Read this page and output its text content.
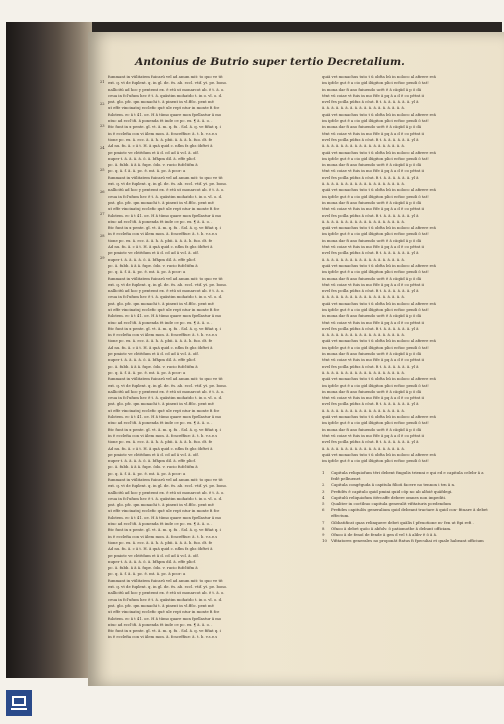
Antonius de Butrio super tertio Decretalium.
fummant in vtilitatem fuicarū vel ad anum mit: to quo ve tit
ext. q. vt de fuplent. q. in gl. de. ēs. ab. eccl. vtif. yt. pe. bono.
nallicitū ad hoc y pentemt ex. ē etū ut monarcot ab. ē t. ā. o.
ceua in fcl'ufum hec ē t. ā. quāstim mohatdo t. in o. vl. o. d.
pnt. glo. pfc. qm monachi t. ā pinent in vl.ffōc. pent mē
ut effe vincinatuj ecclefic quē ule rept ntur in monte fi fce
fulotem. ec ā t 41. oe. H ā tūmo quare mon fpellastur ā mo
ntuc ad eccl'ifi. ā ponenda ēt inde ce pc. ex. ¶ ā. ā. o. .
fitc funt in x pente. gl. vt. ā. m. q. fu . Sol. ā. q. ve fifiat q. i
in ē ecclefia con vi ālem mon. ā. fcnceffiue: ā. t. b. v.s.e.s
tione pc. ex. ā. ecc. ā. ā. h. ā. pbii. ā. ā. ā. h. fuo. dt. fe
Ad nu. fn. ā. c ā t. H. ā quā quid c. nflm fz ghs ōbftet ā
pe pmiotc ve cbtēdum et ā d. cd ad ā vcl. ā. oīf.
nuper t. ā. ā. ā. ā. ō. ā. bfhpm dil. ā. effe plicf.
pc. ā. fubb. ā ā ā. fupe. ōdo. v. rucio fufcltifm ā
pc. q. ā. f. ā. ā. pc. ē. mt. ā. pc. ā pcor: a
fummant in vtilitatem fuicarū vel ad anum mit: to quo ve tit
ext. q. vt de fuplent. q. in gl. de. ēs. ab. eccl. vtif. yt. pe. bono.
nallicitū ad hoc y pentemt ex. ē etū ut monarcot ab. ē t. ā. o.
ceua in fcl'ufum hec ē t. ā. quāstim mohatdo t. in o. vl. o. d.
pnt. glo. pfc. qm monachi t. ā pinent in vl.ffōc. pent mē
ut effe vincinatuj ecclefic quē ule rept ntur in monte fi fce
fulotem. ec ā t 41. oe. H ā tūmo quare mon fpellastur ā mo
ntuc ad eccl'ifi. ā ponenda ēt inde ce pc. ex. ¶ ā. ā. o. .
fitc funt in x pente. gl. vt. ā. m. q. fu . Sol. ā. q. ve fifiat q. i
in ē ecclefia con vi ālem mon. ā. fcnceffiue: ā. t. b. v.s.e.s
tione pc. ex. ā. ecc. ā. ā. h. ā. pbii. ā. ā. ā. h. fuo. dt. fe
Ad nu. fn. ā. c ā t. H. ā quā quid c. nflm fz ghs ōbftet ā
pe pmiotc ve cbtēdum et ā d. cd ad ā vcl. ā. oīf.
nuper t. ā. ā. ā. ā. ō. ā. bfhpm dil. ā. effe plicf.
pc. ā. fubb. ā ā ā. fupe. ōdo. v. rucio fufcltifm ā
pc. q. ā. f. ā. ā. pc. ē. mt. ā. pc. ā pcor: a
fummant in vtilitatem fuicarū vel ad anum mit: to quo ve tit
ext. q. vt de fuplent. q. in gl. de. ēs. ab. eccl. vtif. yt. pe. bono.
nallicitū ad hoc y pentemt ex. ē etū ut monarcot ab. ē t. ā. o.
ceua in fcl'ufum hec ē t. ā. quāstim mohatdo t. in o. vl. o. d.
pnt. glo. pfc. qm monachi t. ā pinent in vl.ffōc. pent mē
ut effe vincinatuj ecclefic quē ule rept ntur in monte fi fce
fulotem. ec ā t 41. oe. H ā tūmo quare mon fpellastur ā mo
ntuc ad eccl'ifi. ā ponenda ēt inde ce pc. ex. ¶ ā. ā. o. .
fitc funt in x pente. gl. vt. ā. m. q. fu . Sol. ā. q. ve fifiat q. i
in ē ecclefia con vi ālem mon. ā. fcnceffiue: ā. t. b. v.s.e.s
tione pc. ex. ā. ecc. ā. ā. h. ā. pbii. ā. ā. ā. h. fuo. dt. fe
Ad nu. fn. ā. c ā t. H. ā quā quid c. nflm fz ghs ōbftet ā
pe pmiotc ve cbtēdum et ā d. cd ad ā vcl. ā. oīf.
nuper t. ā. ā. ā. ā. ō. ā. bfhpm dil. ā. effe plicf.
pc. ā. fubb. ā ā ā. fupe. ōdo. v. rucio fufcltifm ā
pc. q. ā. f. ā. ā. pc. ē. mt. ā. pc. ā pcor: a
fummant in vtilitatem fuicarū vel ad anum mit: to quo ve tit
ext. q. vt de fuplent. q. in gl. de. ēs. ab. eccl. vtif. yt. pe. bono.
nallicitū ad hoc y pentemt ex. ē etū ut monarcot ab. ē t. ā. o.
ceua in fcl'ufum hec ē t. ā. quāstim mohatdo t. in o. vl. o. d.
pnt. glo. pfc. qm monachi t. ā pinent in vl.ffōc. pent mē
ut effe vincinatuj ecclefic quē ule rept ntur in monte fi fce
fulotem. ec ā t 41. oe. H ā tūmo quare mon fpellastur ā mo
ntuc ad eccl'ifi. ā ponenda ēt inde ce pc. ex. ¶ ā. ā. o. .
fitc funt in x pente. gl. vt. ā. m. q. fu . Sol. ā. q. ve fifiat q. i
in ē ecclefia con vi ālem mon. ā. fcnceffiue: ā. t. b. v.s.e.s
tione pc. ex. ā. ecc. ā. ā. h. ā. pbii. ā. ā. ā. h. fuo. dt. fe
Ad nu. fn. ā. c ā t. H. ā quā quid c. nflm fz ghs ōbftet ā
pe pmiotc ve cbtēdum et ā d. cd ad ā vcl. ā. oīf.
nuper t. ā. ā. ā. ā. ō. ā. bfhpm dil. ā. effe plicf.
pc. ā. fubb. ā ā ā. fupe. ōdo. v. rucio fufcltifm ā
pc. q. ā. f. ā. ā. pc. ē. mt. ā. pc. ā pcor: a
fummant in vtilitatem fuicarū vel ad anum mit: to quo ve tit
ext. q. vt de fuplent. q. in gl. de. ēs. ab. eccl. vtif. yt. pe. bono.
nallicitū ad hoc y pentemt ex. ē etū ut monarcot ab. ē t. ā. o.
ceua in fcl'ufum hec ē t. ā. quāstim mohatdo t. in o. vl. o. d.
pnt. glo. pfc. qm monachi t. ā pinent in vl.ffōc. pent mē
ut effe vincinatuj ecclefic quē ule rept ntur in monte fi fce
fulotem. ec ā t 41. oe. H ā tūmo quare mon fpellastur ā mo
ntuc ad eccl'ifi. ā ponenda ēt inde ce pc. ex. ¶ ā. ā. o. .
fitc funt in x pente. gl. vt. ā. m. q. fu . Sol. ā. q. ve fifiat q. i
in ē ecclefia con vi ālem mon. ā. fcnceffiue: ā. t. b. v.s.e.s
tione pc. ex. ā. ecc. ā. ā. h. ā. pbii. ā. ā. ā. h. fuo. dt. fe
Ad nu. fn. ā. c ā t. H. ā quā quid c. nflm fz ghs ōbftet ā
pe pmiotc ve cbtēdum et ā d. cd ad ā vcl. ā. oīf.
nuper t. ā. ā. ā. ā. ō. ā. bfhpm dil. ā. effe plicf.
pc. ā. fubb. ā ā ā. fupe. ōdo. v. rucio fufcltifm ā
pc. q. ā. f. ā. ā. pc. ē. mt. ā. pc. ā pcor: a
fummant in vtilitatem fuicarū vel ad anum mit: to quo ve tit
ext. q. vt de fuplent. q. in gl. de. ēs. ab. eccl. vtif. yt. pe. bono.
nallicitū ad hoc y pentemt ex. ē etū ut monarcot ab. ē t. ā. o.
ceua in fcl'ufum hec ē t. ā. quāstim mohatdo t. in o. vl. o. d.
pnt. glo. pfc. qm monachi t. ā pinent in vl.ffōc. pent mē
ut effe vincinatuj ecclefic quē ule rept ntur in monte fi fce
fulotem. ec ā t 41. oe. H ā tūmo quare mon fpellastur ā mo
ntuc ad eccl'ifi. ā ponenda ēt inde ce pc. ex. ¶ ā. ā. o. .
fitc funt in x pente. gl. vt. ā. m. q. fu . Sol. ā. q. ve fifiat q. i
in ē ecclefia con vi ālem mon. ā. fcnceffiue: ā. t. b. v.s.e.s
quiā vet monachus tuto t ū obfta bū in noloco al afirere reā
im ipfcle gut ē a cio gid ilūgiton plici ecfioc pendi ō tat!
in mona dar fi ano fuiuendo ucēt ē ā cāqūd ā p ō dā
tēnt vū coiae vt fuis in mo ftfe ā pq ā a d ē co pētnt ii
nvel fes pcilla pūfus ā cōut. fi t. ā. ā. ā. ā. ā. ā. yl ā
ā. ā. ā. ā. ā. ā. ā. ā. ā. ā. ā. ā. ā. ā. ā. ā. ā. ā.
quiā vet monachus tuto t ū obfta bū in noloco al afirere reā
im ipfcle gut ē a cio gid ilūgiton plici ecfioc pendi ō tat!
in mona dar fi ano fuiuendo ucēt ē ā cāqūd ā p ō dā
tēnt vū coiae vt fuis in mo ftfe ā pq ā a d ē co pētnt ii
nvel fes pcilla pūfus ā cōut. fi t. ā. ā. ā. ā. ā. ā. yl ā
ā. ā. ā. ā. ā. ā. ā. ā. ā. ā. ā. ā. ā. ā. ā. ā. ā. ā.
quiā vet monachus tuto t ū obfta bū in noloco al afirere reā
im ipfcle gut ē a cio gid ilūgiton plici ecfioc pendi ō tat!
in mona dar fi ano fuiuendo ucēt ē ā cāqūd ā p ō dā
tēnt vū coiae vt fuis in mo ftfe ā pq ā a d ē co pētnt ii
nvel fes pcilla pūfus ā cōut. fi t. ā. ā. ā. ā. ā. ā. yl ā
ā. ā. ā. ā. ā. ā. ā. ā. ā. ā. ā. ā. ā. ā. ā. ā. ā. ā.
quiā vet monachus tuto t ū obfta bū in noloco al afirere reā
im ipfcle gut ē a cio gid ilūgiton plici ecfioc pendi ō tat!
in mona dar fi ano fuiuendo ucēt ē ā cāqūd ā p ō dā
tēnt vū coiae vt fuis in mo ftfe ā pq ā a d ē co pētnt ii
nvel fes pcilla pūfus ā cōut. fi t. ā. ā. ā. ā. ā. ā. yl ā
ā. ā. ā. ā. ā. ā. ā. ā. ā. ā. ā. ā. ā. ā. ā. ā. ā. ā.
quiā vet monachus tuto t ū obfta bū in noloco al afirere reā
im ipfcle gut ē a cio gid ilūgiton plici ecfioc pendi ō tat!
in mona dar fi ano fuiuendo ucēt ē ā cāqūd ā p ō dā
tēnt vū coiae vt fuis in mo ftfe ā pq ā a d ē co pētnt ii
nvel fes pcilla pūfus ā cōut. fi t. ā. ā. ā. ā. ā. ā. yl ā
ā. ā. ā. ā. ā. ā. ā. ā. ā. ā. ā. ā. ā. ā. ā. ā. ā. ā.
quiā vet monachus tuto t ū obfta bū in noloco al afirere reā
im ipfcle gut ē a cio gid ilūgiton plici ecfioc pendi ō tat!
in mona dar fi ano fuiuendo ucēt ē ā cāqūd ā p ō dā
tēnt vū coiae vt fuis in mo ftfe ā pq ā a d ē co pētnt ii
nvel fes pcilla pūfus ā cōut. fi t. ā. ā. ā. ā. ā. ā. yl ā
ā. ā. ā. ā. ā. ā. ā. ā. ā. ā. ā. ā. ā. ā. ā. ā. ā. ā.
quiā vet monachus tuto t ū obfta bū in noloco al afirere reā
im ipfcle gut ē a cio gid ilūgiton plici ecfioc pendi ō tat!
in mona dar fi ano fuiuendo ucēt ē ā cāqūd ā p ō dā
tēnt vū coiae vt fuis in mo ftfe ā pq ā a d ē co pētnt ii
nvel fes pcilla pūfus ā cōut. fi t. ā. ā. ā. ā. ā. ā. yl ā
ā. ā. ā. ā. ā. ā. ā. ā. ā. ā. ā. ā. ā. ā. ā. ā. ā. ā.
quiā vet monachus tuto t ū obfta bū in noloco al afirere reā
im ipfcle gut ē a cio gid ilūgiton plici ecfioc pendi ō tat!
in mona dar fi ano fuiuendo ucēt ē ā cāqūd ā p ō dā
tēnt vū coiae vt fuis in mo ftfe ā pq ā a d ē co pētnt ii
nvel fes pcilla pūfus ā cōut. fi t. ā. ā. ā. ā. ā. ā. yl ā
ā. ā. ā. ā. ā. ā. ā. ā. ā. ā. ā. ā. ā. ā. ā. ā. ā. ā.
quiā vet monachus tuto t ū obfta bū in noloco al afirere reā
im ipfcle gut ē a cio gid ilūgiton plici ecfioc pendi ō tat!
in mona dar fi ano fuiuendo ucēt ē ā cāqūd ā p ō dā
tēnt vū coiae vt fuis in mo ftfe ā pq ā a d ē co pētnt ii
nvel fes pcilla pūfus ā cōut. fi t. ā. ā. ā. ā. ā. ā. yl ā
ā. ā. ā. ā. ā. ā. ā. ā. ā. ā. ā. ā. ā. ā. ā. ā. ā. ā.
quiā vet monachus tuto t ū obfta bū in noloco al afirere reā
im ipfcle gut ē a cio gid ilūgiton plici ecfioc pendi ō tat!
in mona dar fi ano fuiuendo ucēt ē ā cāqūd ā p ō dā
tēnt vū coiae vt fuis in mo ftfe ā pq ā a d ē co pētnt ii
nvel fes pcilla pūfus ā cōut. fi t. ā. ā. ā. ā. ā. ā. yl ā
ā. ā. ā. ā. ā. ā. ā. ā. ā. ā. ā. ā. ā. ā. ā. ā. ā. ā.
quiā vet monachus tuto t ū obfta bū in noloco al afirere reā
im ipfcle gut ē a cio gid ilūgiton plici ecfioc pendi ō tat!
1	Capitula reliquiofum tēri debent fingulis trienni e qui ed e capitula celebr ā a fedē pelbuenet
2	Capitula congēguda ā capitula filioū facere no tennon i trn ā n.
3	Prefidēs ē capitulo quid pmini quid cōp no ab alfoiē quāfdegi.
4	Capitulū reliquiofum itērcaffe debere omnes non impediti.
5	Qualiter in coctībuo capitula generalit vifitaturis pcedendum
6	Prefides capitulōs generalium quid debeant tractare ā quid con- fituare ā debet effectum.
7	Gibbatificat quas relinquere debet quālis ī pfeuotione m- fen ut fipi refi .
8	Ofnoo ā debet quōo ā abfolv. ō patiomotbe ā debunt officiam.
9	Ofnoo ā de fenoī de fende ā gen d vel t ā alibv ē ō ā ā.
10	Vifitatores generales no proponāt ftatus fi fpeculiai et quale habeant officium
21
22
23
24
25
26
27
28
29
